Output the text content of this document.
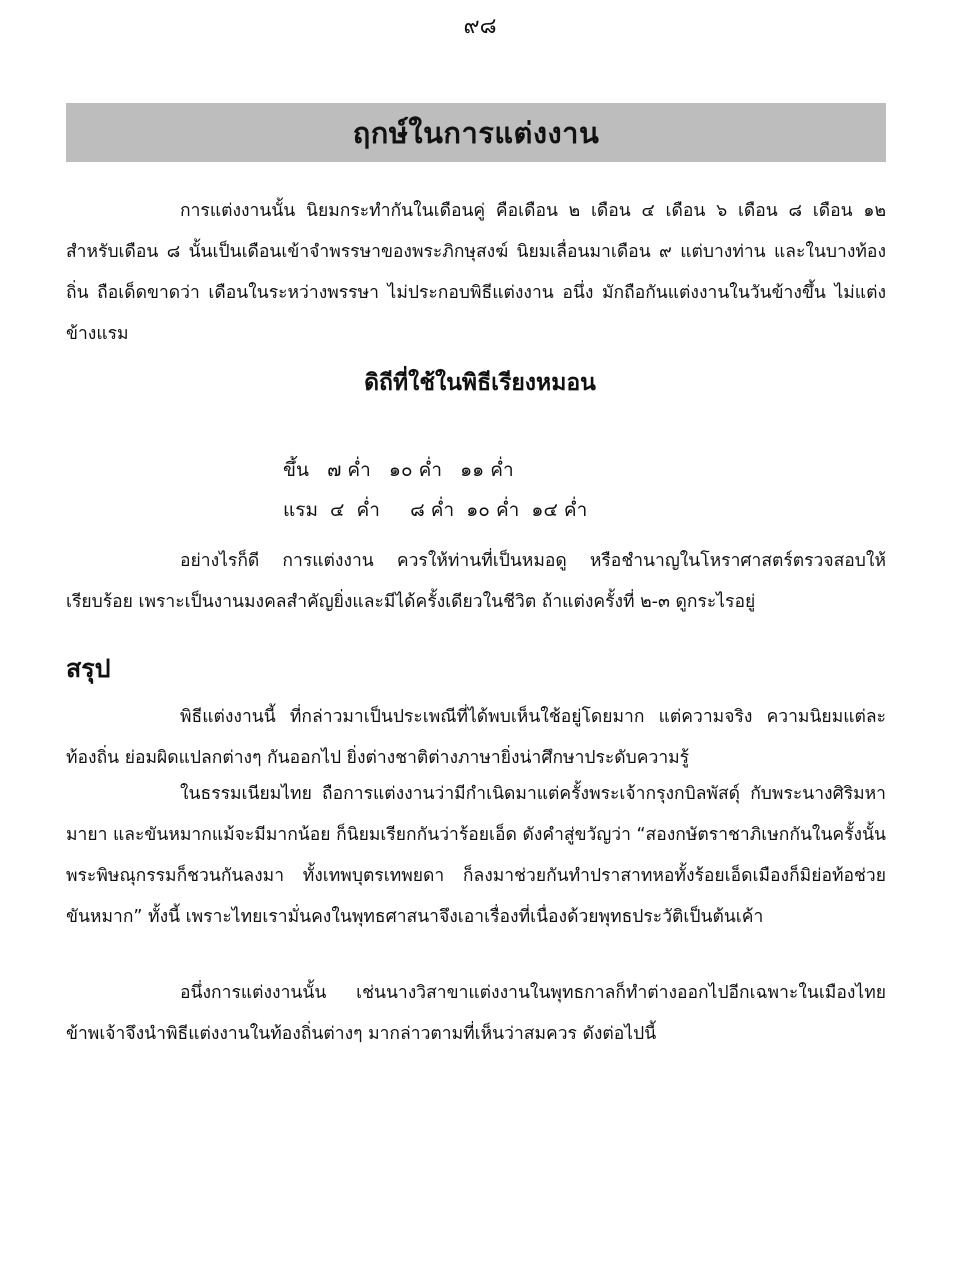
๙๘
ฤกษ์ในการแต่งงาน

การแต่งงานนั้น นิยมกระทำกันในเดือนคู่ คือเดือน ๒ เดือน ๔ เดือน ๖ เดือน ๘ เดือน ๑๒ สำหรับเดือน ๘ นั้นเป็นเดือนเข้าจำพรรษาของพระภิกษุสงฆ์ นิยมเลื่อนมาเดือน ๙ แต่บางท่าน และในบางท้องถิ่น ถือเด็ดขาดว่า เดือนในระหว่างพรรษา ไม่ประกอบพิธีแต่งงาน อนึ่ง มักถือกันแต่งงานในวันข้างขึ้น ไม่แต่งข้างแรม

ดิถีที่ใช้ในพิธีเรียงหมอน
ขึ้น   ๗ ค่ำ   ๑๐ ค่ำ   ๑๑ ค่ำ
แรม  ๔  ค่ำ     ๘ ค่ำ  ๑๐ ค่ำ  ๑๔ ค่ำ

อย่างไรก็ดี การแต่งงาน ควรให้ท่านที่เป็นหมอดู หรือชำนาญในโหราศาสตร์ตรวจสอบให้เรียบร้อย เพราะเป็นงานมงคลสำคัญยิ่งและมีได้ครั้งเดียวในชีวิต ถ้าแต่งครั้งที่ ๒-๓ ดูกระไรอยู่

สรุป

พิธีแต่งงานนี้ ที่กล่าวมาเป็นประเพณีที่ได้พบเห็นใช้อยู่โดยมาก แต่ความจริง ความนิยมแต่ละท้องถิ่น ย่อมผิดแปลกต่างๆ กันออกไป ยิ่งต่างชาติต่างภาษายิ่งน่าศึกษาประดับความรู้

ในธรรมเนียมไทย ถือการแต่งงานว่ามีกำเนิดมาแต่ครั้งพระเจ้ากรุงกบิลพัสดุ์ กับพระนางศิริมหามายา และขันหมากแม้จะมีมากน้อย ก็นิยมเรียกกันว่าร้อยเอ็ด ดังคำสู่ขวัญว่า “สองกษัตราชาภิเษกกันในครั้งนั้น พระพิษณุกรรมก็ชวนกันลงมา ทั้งเทพบุตรเทพยดา ก็ลงมาช่วยกันทำปราสาทหอทั้งร้อยเอ็ดเมืองก็มิย่อท้อช่วยขันหมาก” ทั้งนี้ เพราะไทยเรามั่นคงในพุทธศาสนาจึงเอาเรื่องที่เนื่องด้วยพุทธประวัติเป็นต้นเค้า

อนึ่งการแต่งงานนั้น เช่นนางวิสาขาแต่งงานในพุทธกาลก็ทำต่างออกไปอีกเฉพาะในเมืองไทย ข้าพเจ้าจึงนำพิธีแต่งงานในท้องถิ่นต่างๆ มากล่าวตามที่เห็นว่าสมควร ดังต่อไปนี้
